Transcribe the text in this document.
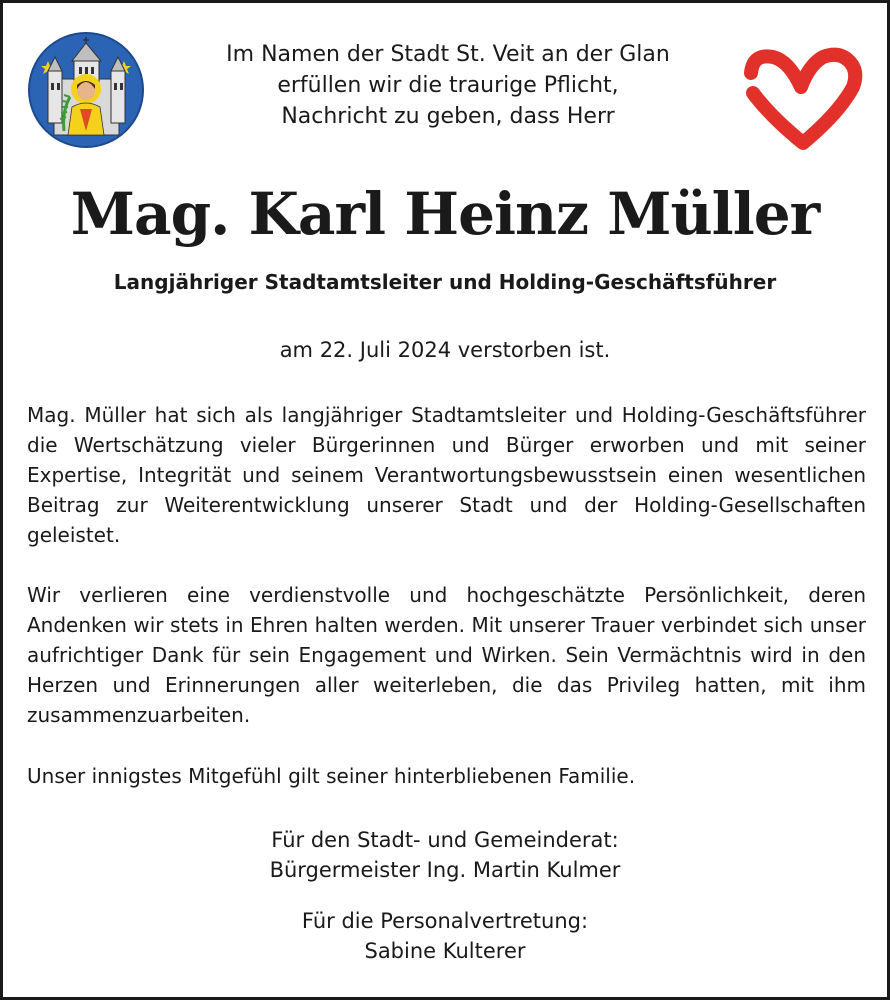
Im Namen der Stadt St. Veit an der Glan
erfüllen wir die traurige Pflicht,
Nachricht zu geben, dass Herr
Mag. Karl Heinz Müller
Langjähriger Stadtamtsleiter und Holding-Geschäftsführer
am 22. Juli 2024 verstorben ist.
Mag. Müller hat sich als langjähriger Stadtamtsleiter und Holding-Geschäftsführer die Wertschätzung vieler Bürgerinnen und Bürger erworben und mit seiner Expertise, Integrität und seinem Verantwortungsbewusstsein einen wesentlichen Beitrag zur Weiterentwicklung unserer Stadt und der Holding-Gesellschaften geleistet.
Wir verlieren eine verdienstvolle und hochgeschätzte Persönlichkeit, deren Andenken wir stets in Ehren halten werden. Mit unserer Trauer verbindet sich unser aufrichtiger Dank für sein Engagement und Wirken. Sein Vermächtnis wird in den Herzen und Erinnerungen aller weiterleben, die das Privileg hatten, mit ihm zusammenzuarbeiten.
Unser innigstes Mitgefühl gilt seiner hinterbliebenen Familie.
Für den Stadt- und Gemeinderat:
Bürgermeister Ing. Martin Kulmer
Für die Personalvertretung:
Sabine Kulterer
